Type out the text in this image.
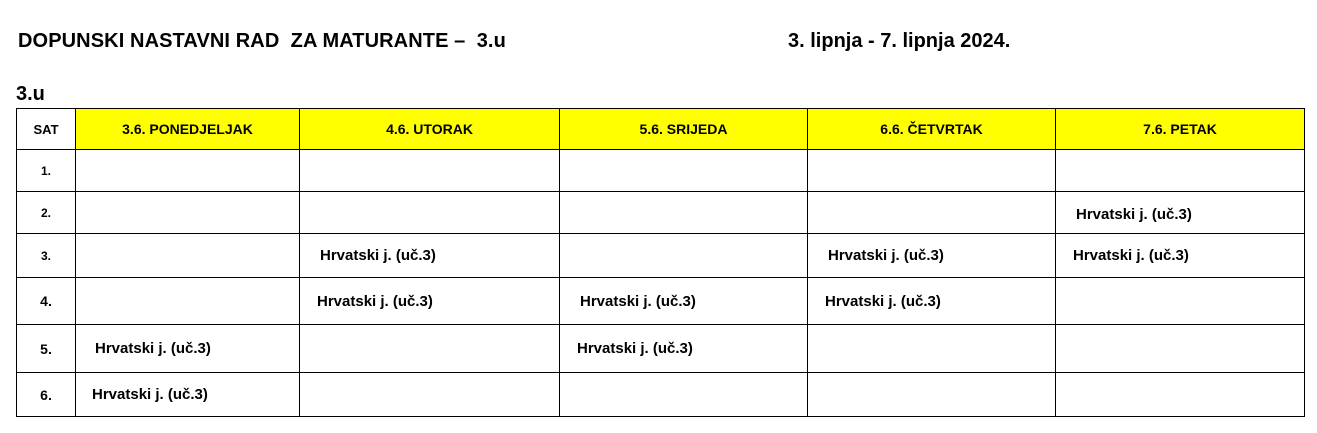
DOPUNSKI NASTAVNI RAD  ZA MATURANTE –  3.u	3. lipnja - 7. lipnja 2024.
3.u
SAT	3.6. PONEDJELJAK	4.6. UTORAK	5.6. SRIJEDA	6.6. ČETVRTAK	7.6. PETAK
1.					
2.					Hrvatski j. (uč.3)
3.		Hrvatski j. (uč.3)		Hrvatski j. (uč.3)	Hrvatski j. (uč.3)
4.		Hrvatski j. (uč.3)	Hrvatski j. (uč.3)	Hrvatski j. (uč.3)	
5.	Hrvatski j. (uč.3)		Hrvatski j. (uč.3)		
6.	Hrvatski j. (uč.3)				
